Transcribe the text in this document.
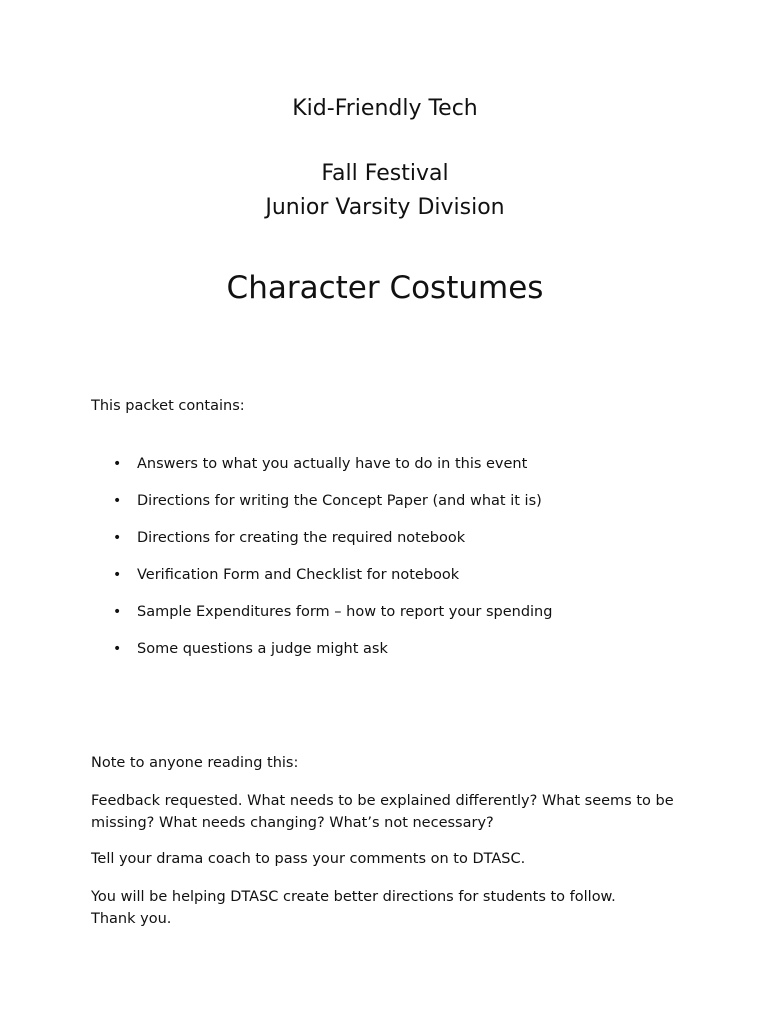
Kid-Friendly Tech
Fall Festival
Junior Varsity Division
Character Costumes
This packet contains:
• Answers to what you actually have to do in this event
• Directions for writing the Concept Paper (and what it is)
• Directions for creating the required notebook
• Verification Form and Checklist for notebook
• Sample Expenditures form – how to report your spending
• Some questions a judge might ask
Note to anyone reading this:
Feedback requested. What needs to be explained differently? What seems to be
missing? What needs changing? What’s not necessary?
Tell your drama coach to pass your comments on to DTASC.
You will be helping DTASC create better directions for students to follow.
Thank you.
